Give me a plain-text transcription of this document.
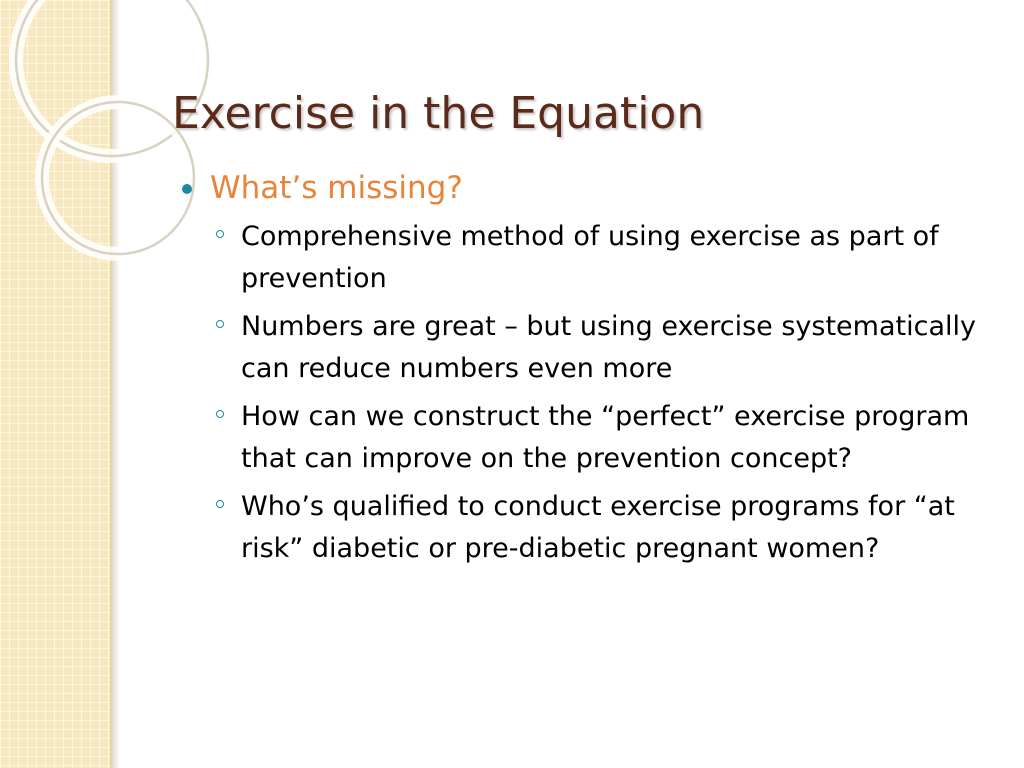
Exercise in the Equation
What’s missing?
Comprehensive method of using exercise as part of prevention
Numbers are great – but using exercise systematically can reduce numbers even more
How can we construct the “perfect” exercise program that can improve on the prevention concept?
Who’s qualified to conduct exercise programs for “at risk” diabetic or pre-diabetic pregnant women?
